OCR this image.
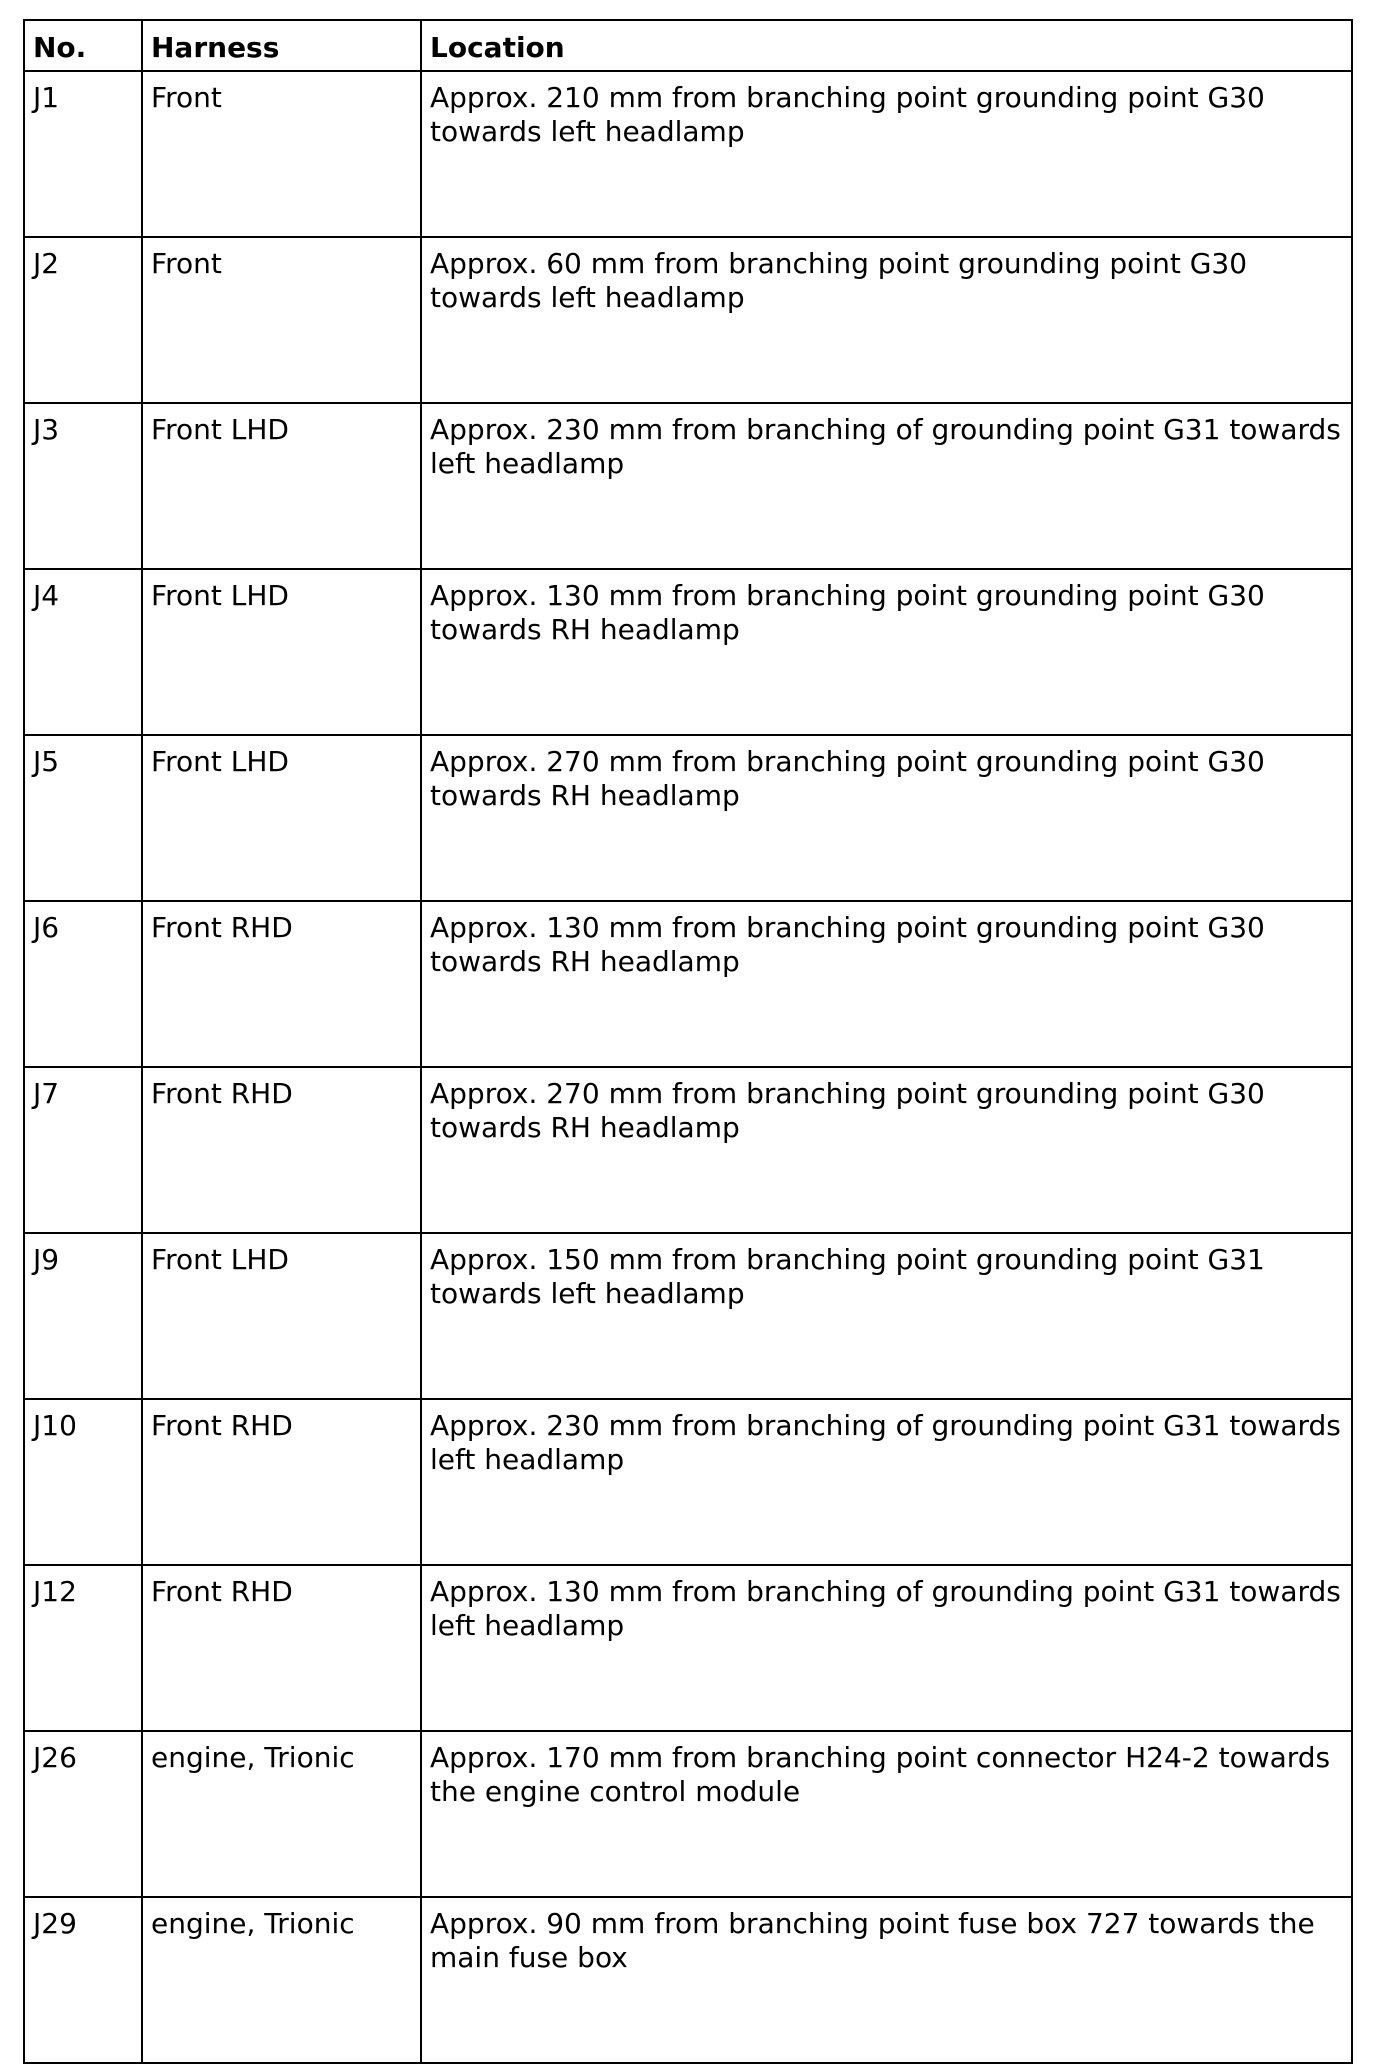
No.	Harness	Location
J1	Front	Approx. 210 mm from branching point grounding point G30 towards left headlamp
J2	Front	Approx. 60 mm from branching point grounding point G30 towards left headlamp
J3	Front LHD	Approx. 230 mm from branching of grounding point G31 towards left headlamp
J4	Front LHD	Approx. 130 mm from branching point grounding point G30 towards RH headlamp
J5	Front LHD	Approx. 270 mm from branching point grounding point G30 towards RH headlamp
J6	Front RHD	Approx. 130 mm from branching point grounding point G30 towards RH headlamp
J7	Front RHD	Approx. 270 mm from branching point grounding point G30 towards RH headlamp
J9	Front LHD	Approx. 150 mm from branching point grounding point G31 towards left headlamp
J10	Front RHD	Approx. 230 mm from branching of grounding point G31 towards left headlamp
J12	Front RHD	Approx. 130 mm from branching of grounding point G31 towards left headlamp
J26	engine, Trionic	Approx. 170 mm from branching point connector H24-2 towards the engine control module
J29	engine, Trionic	Approx. 90 mm from branching point fuse box 727 towards the main fuse box
